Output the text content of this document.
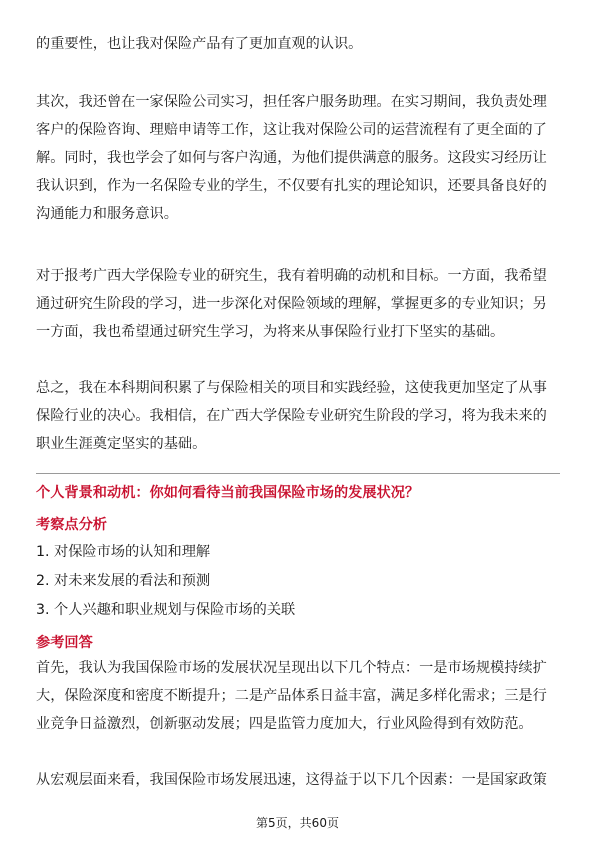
的重要性，也让我对保险产品有了更加直观的认识。
其次，我还曾在一家保险公司实习，担任客户服务助理。在实习期间，我负责处理
客户的保险咨询、理赔申请等工作，这让我对保险公司的运营流程有了更全面的了
解。同时，我也学会了如何与客户沟通，为他们提供满意的服务。这段实习经历让
我认识到，作为一名保险专业的学生，不仅要有扎实的理论知识，还要具备良好的
沟通能力和服务意识。
对于报考广西大学保险专业的研究生，我有着明确的动机和目标。一方面，我希望
通过研究生阶段的学习，进一步深化对保险领域的理解，掌握更多的专业知识；另
一方面，我也希望通过研究生学习，为将来从事保险行业打下坚实的基础。
总之，我在本科期间积累了与保险相关的项目和实践经验，这使我更加坚定了从事
保险行业的决心。我相信，在广西大学保险专业研究生阶段的学习，将为我未来的
职业生涯奠定坚实的基础。
个人背景和动机：你如何看待当前我国保险市场的发展状况？
考察点分析
1. 对保险市场的认知和理解
2. 对未来发展的看法和预测
3. 个人兴趣和职业规划与保险市场的关联
参考回答
首先，我认为我国保险市场的发展状况呈现出以下几个特点：一是市场规模持续扩
大，保险深度和密度不断提升；二是产品体系日益丰富，满足多样化需求；三是行
业竞争日益激烈，创新驱动发展；四是监管力度加大，行业风险得到有效防范。
从宏观层面来看，我国保险市场发展迅速，这得益于以下几个因素：一是国家政策
第5页，共60页
